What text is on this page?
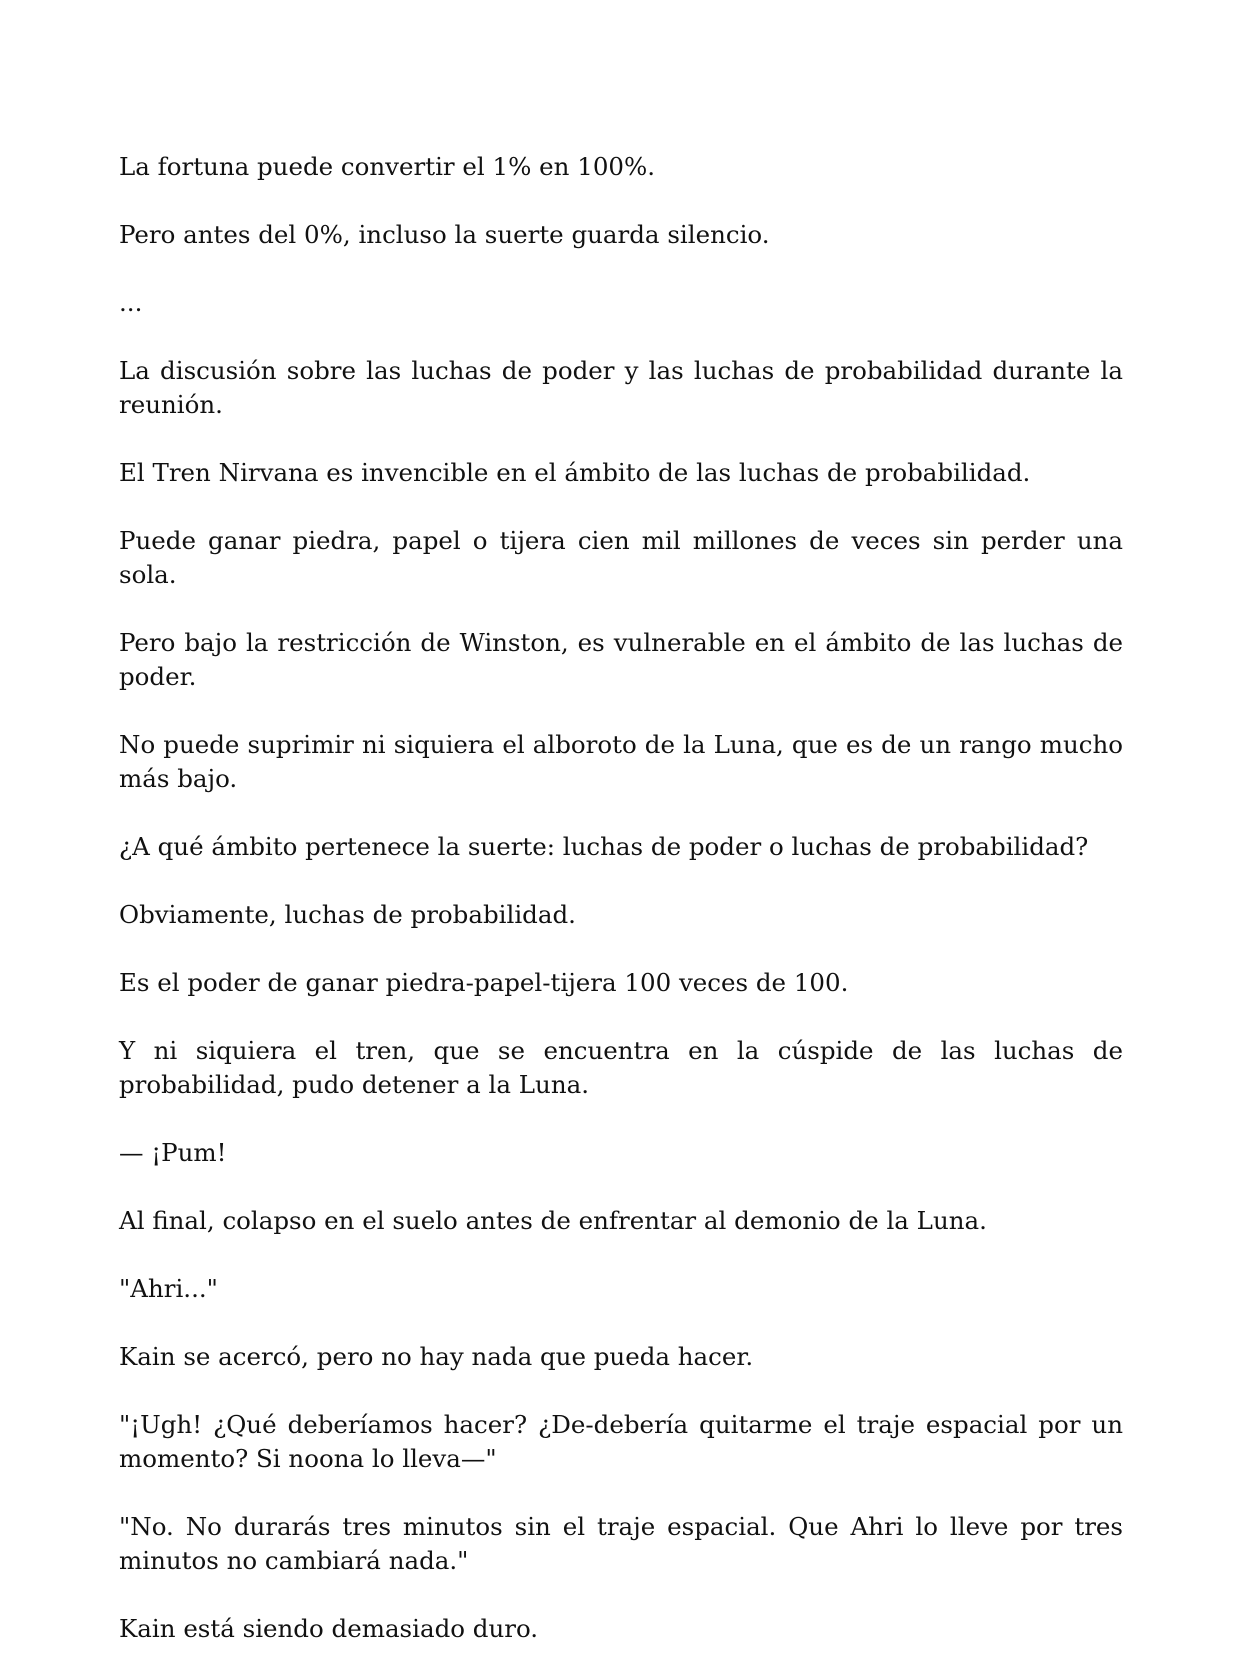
La fortuna puede convertir el 1% en 100%.

Pero antes del 0%, incluso la suerte guarda silencio.

...

La discusión sobre las luchas de poder y las luchas de probabilidad durante la reunión.

El Tren Nirvana es invencible en el ámbito de las luchas de probabilidad.

Puede ganar piedra, papel o tijera cien mil millones de veces sin perder una sola.

Pero bajo la restricción de Winston, es vulnerable en el ámbito de las luchas de poder.

No puede suprimir ni siquiera el alboroto de la Luna, que es de un rango mucho más bajo.

¿A qué ámbito pertenece la suerte: luchas de poder o luchas de probabilidad?

Obviamente, luchas de probabilidad.

Es el poder de ganar piedra-papel-tijera 100 veces de 100.

Y ni siquiera el tren, que se encuentra en la cúspide de las luchas de probabilidad, pudo detener a la Luna.

— ¡Pum!

Al final, colapso en el suelo antes de enfrentar al demonio de la Luna.

"Ahri..."

Kain se acercó, pero no hay nada que pueda hacer.

"¡Ugh! ¿Qué deberíamos hacer? ¿De-debería quitarme el traje espacial por un momento? Si noona lo lleva—"

"No. No durarás tres minutos sin el traje espacial. Que Ahri lo lleve por tres minutos no cambiará nada."

Kain está siendo demasiado duro.
